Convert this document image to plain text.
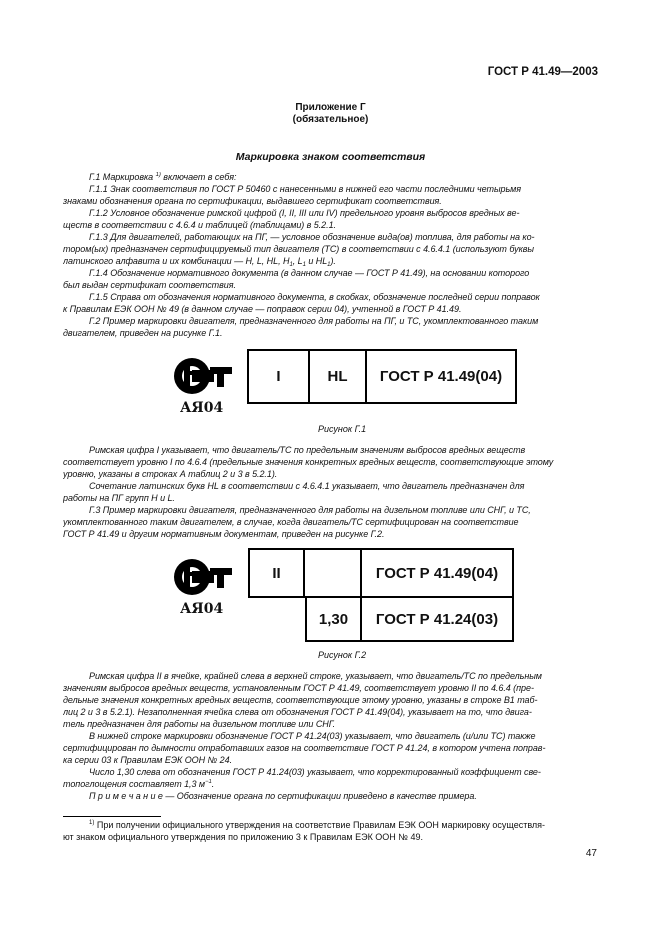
ГОСТ Р 41.49—2003
Приложение Г
(обязательное)
Маркировка знаком соответствия
Г.1 Маркировка $^{1)}$ включает в себя:
Г.1.1 Знак соответствия по ГОСТ Р 50460 с нанесенными в нижней его части последними четырьмя
знаками обозначения органа по сертификации, выдавшего сертификат соответствия.
Г.1.2 Условное обозначение римской цифрой (I, II, III или IV) предельного уровня выбросов вредных ве-
ществ в соответствии с 4.6.4 и таблицей (таблицами) в 5.2.1.
Г.1.3 Для двигателей, работающих на ПГ, — условное обозначение вида(ов) топлива, для работы на ко-
тором(ых) предназначен сертифицируемый тип двигателя (ТС) в соответствии с 4.6.4.1 (используют буквы
латинского алфавита и их комбинации — H, L, HL, $H_1$, $L_1$ и $HL_1$).
Г.1.4 Обозначение нормативного документа (в данном случае — ГОСТ Р 41.49), на основании которого
был выдан сертификат соответствия.
Г.1.5 Справа от обозначения нормативного документа, в скобках, обозначение последней серии поправок
к Правилам ЕЭК ООН № 49 (в данном случае — поправок серии 04), учтенной в ГОСТ Р 41.49.
Г.2 Пример маркировки двигателя, предназначенного для работы на ПГ, и ТС, укомплектованного таким
двигателем, приведен на рисунке Г.1.
АЯ04
I	HL	ГОСТ Р 41.49(04)
Рисунок Г.1
Римская цифра I указывает, что двигатель/ТС по предельным значениям выбросов вредных веществ
соответствует уровню I по 4.6.4 (предельные значения конкретных вредных веществ, соответствующие этому
уровню, указаны в строках А таблиц 2 и 3 в 5.2.1).
Сочетание латинских букв HL в соответствии с 4.6.4.1 указывает, что двигатель предназначен для
работы на ПГ групп H и L.
Г.3 Пример маркировки двигателя, предназначенного для работы на дизельном топливе или СНГ, и ТС,
укомплектованного таким двигателем, в случае, когда двигатель/ТС сертифицирован на соответствие
ГОСТ Р 41.49 и другим нормативным документам, приведен на рисунке Г.2.
АЯ04
II		ГОСТ Р 41.49(04)
	1,30	ГОСТ Р 41.24(03)
Рисунок Г.2
Римская цифра II в ячейке, крайней слева в верхней строке, указывает, что двигатель/ТС по предельным
значениям выбросов вредных веществ, установленным ГОСТ Р 41.49, соответствует уровню II по 4.6.4 (пре-
дельные значения конкретных вредных веществ, соответствующие этому уровню, указаны в строке В1 таб-
лиц 2 и 3 в 5.2.1). Незаполненная ячейка слева от обозначения ГОСТ Р 41.49(04), указывает на то, что двига-
тель предназначен для работы на дизельном топливе или СНГ.
В нижней строке маркировки обозначение ГОСТ Р 41.24(03) указывает, что двигатель (и/или ТС) также
сертифицирован по дымности отработавших газов на соответствие ГОСТ Р 41.24, в котором учтена поправ-
ка серии 03 к Правилам ЕЭК ООН № 24.
Число 1,30 слева от обозначения ГОСТ Р 41.24(03) указывает, что корректированный коэффициент све-
топоглощения составляет 1,3 $м^{-1}$.
П р и м е ч а н и е — Обозначение органа по сертификации приведено в качестве примера.
$^{1)}$ При получении официального утверждения на соответствие Правилам ЕЭК ООН маркировку осуществля-
ют знаком официального утверждения по приложению 3 к Правилам ЕЭК ООН № 49.
47
